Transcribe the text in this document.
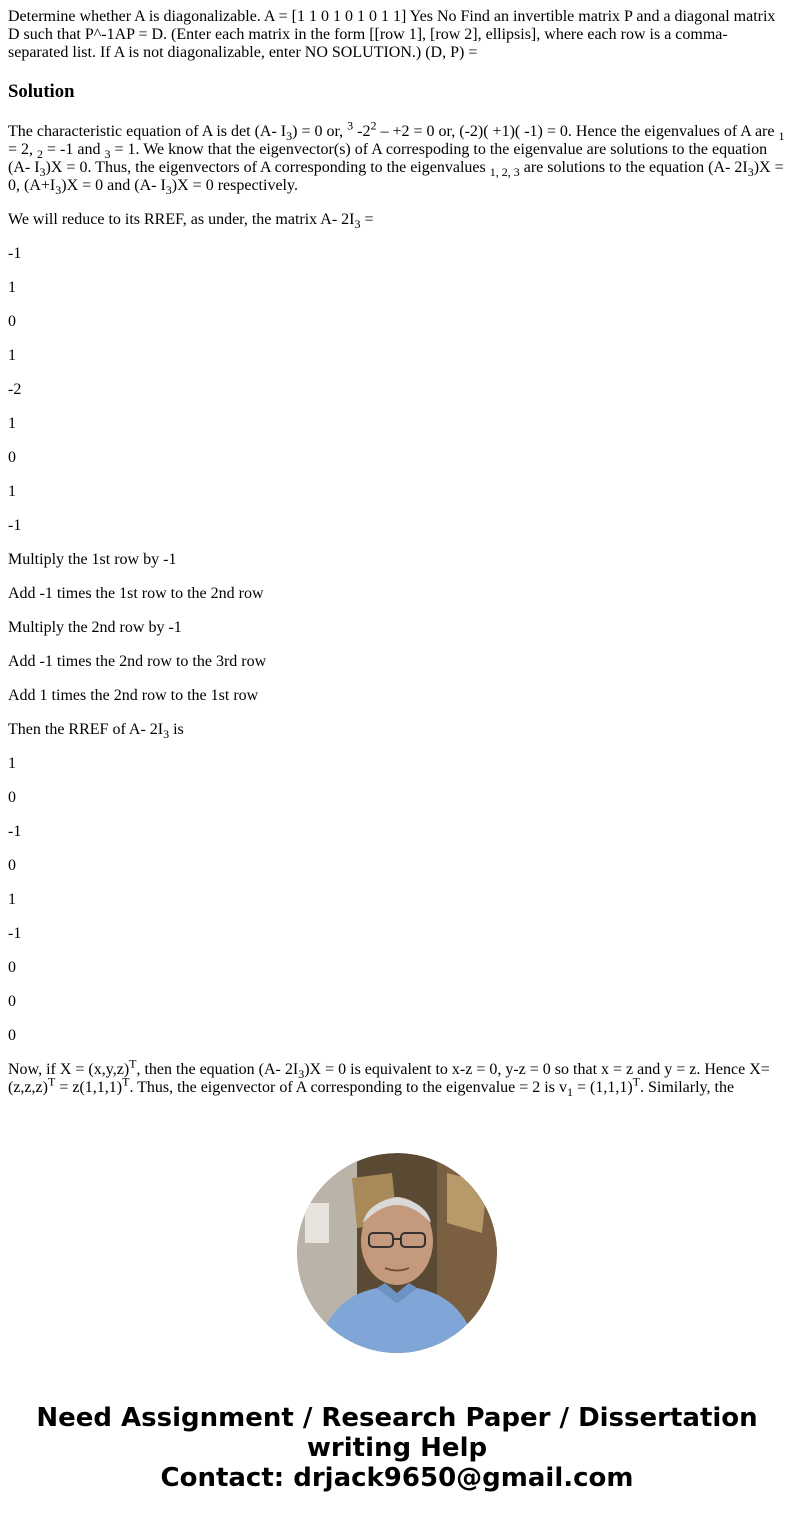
Determine whether A is diagonalizable. A = [1 1 0 1 0 1 0 1 1] Yes No Find an invertible matrix P and a diagonal matrix D such that P^-1AP = D. (Enter each matrix in the form [[row 1], [row 2], ellipsis], where each row is a comma-separated list. If A is not diagonalizable, enter NO SOLUTION.) (D, P) =

Solution

The characteristic equation of A is det (A- $I_3) = 0$ or, $^3$ $-2^2 - +2 = 0$ or, (-2)( +1)( -1) = 0. Hence the eigenvalues of A are $_1$ = 2, $_2$ = -1 and $_3$ = 1. We know that the eigenvector(s) of A correspoding to the eigenvalue are solutions to the equation (A- $I_3)X = 0$. Thus, the eigenvectors of A corresponding to the eigenvalues $_{1, 2, 3}$ are solutions to the equation (A- $2I_3)X = 0$, $(A+I_3)X = 0$ and (A- $I_3)X = 0$ respectively.

We will reduce to its RREF, as under, the matrix A- $2I_3$ =

-1

1

0

1

-2

1

0

1

-1

Multiply the 1st row by -1

Add -1 times the 1st row to the 2nd row

Multiply the 2nd row by -1

Add -1 times the 2nd row to the 3rd row

Add 1 times the 2nd row to the 1st row

Then the RREF of A- $2I_3$ is

1

0

-1

0

1

-1

0

0

0

Now, if $X = (x,y,z)^T$, then the equation (A- $2I_3)X = 0$ is equivalent to x-z = 0, y-z = 0 so that x = z and y = z. Hence $X= (z,z,z)^T = z(1,1,1)^T$. Thus, the eigenvector of A corresponding to the eigenvalue = 2 is $v_1 = (1,1,1)^T$. Similarly, the

Need Assignment / Research Paper / Dissertation
writing Help
Contact: drjack9650@gmail.com
